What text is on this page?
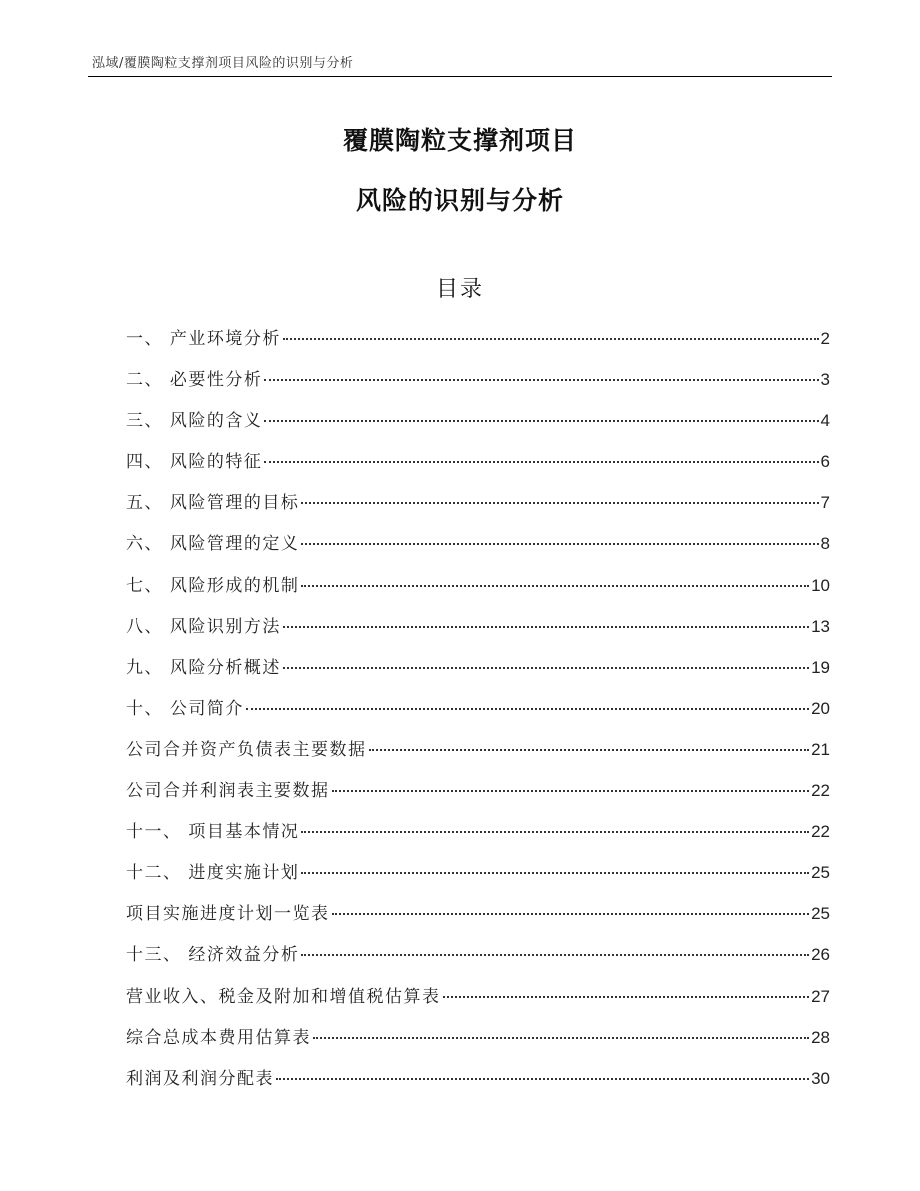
泓域/覆膜陶粒支撑剂项目风险的识别与分析
覆膜陶粒支撑剂项目
风险的识别与分析
目录
一、 产业环境分析	2
二、 必要性分析	3
三、 风险的含义	4
四、 风险的特征	6
五、 风险管理的目标	7
六、 风险管理的定义	8
七、 风险形成的机制	10
八、 风险识别方法	13
九、 风险分析概述	19
十、 公司简介	20
公司合并资产负债表主要数据	21
公司合并利润表主要数据	22
十一、 项目基本情况	22
十二、 进度实施计划	25
项目实施进度计划一览表	25
十三、 经济效益分析	26
营业收入、税金及附加和增值税估算表	27
综合总成本费用估算表	28
利润及利润分配表	30
